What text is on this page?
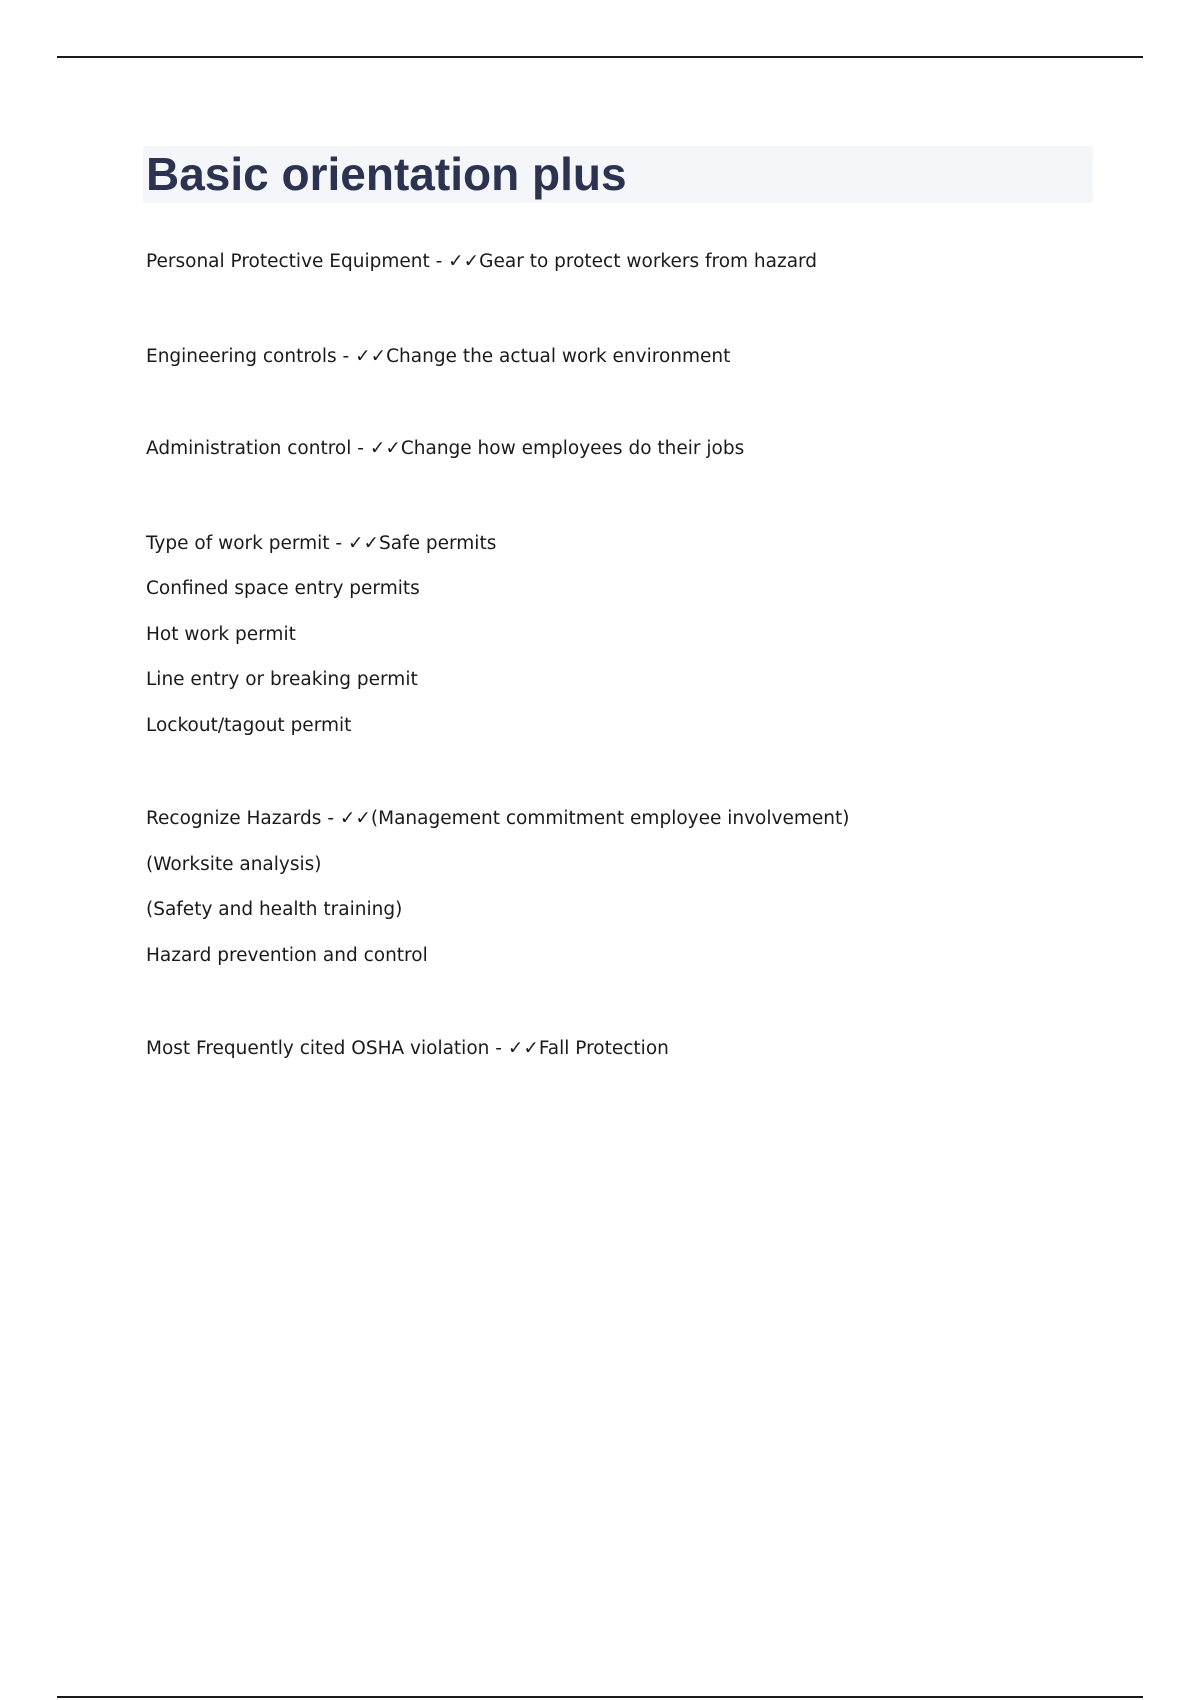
Basic orientation plus

Personal Protective Equipment - ✓✓Gear to protect workers from hazard

Engineering controls - ✓✓Change the actual work environment

Administration control - ✓✓Change how employees do their jobs

Type of work permit - ✓✓Safe permits

Confined space entry permits

Hot work permit

Line entry or breaking permit

Lockout/tagout permit

Recognize Hazards - ✓✓(Management commitment employee involvement)

(Worksite analysis)

(Safety and health training)

Hazard prevention and control

Most Frequently cited OSHA violation - ✓✓Fall Protection
